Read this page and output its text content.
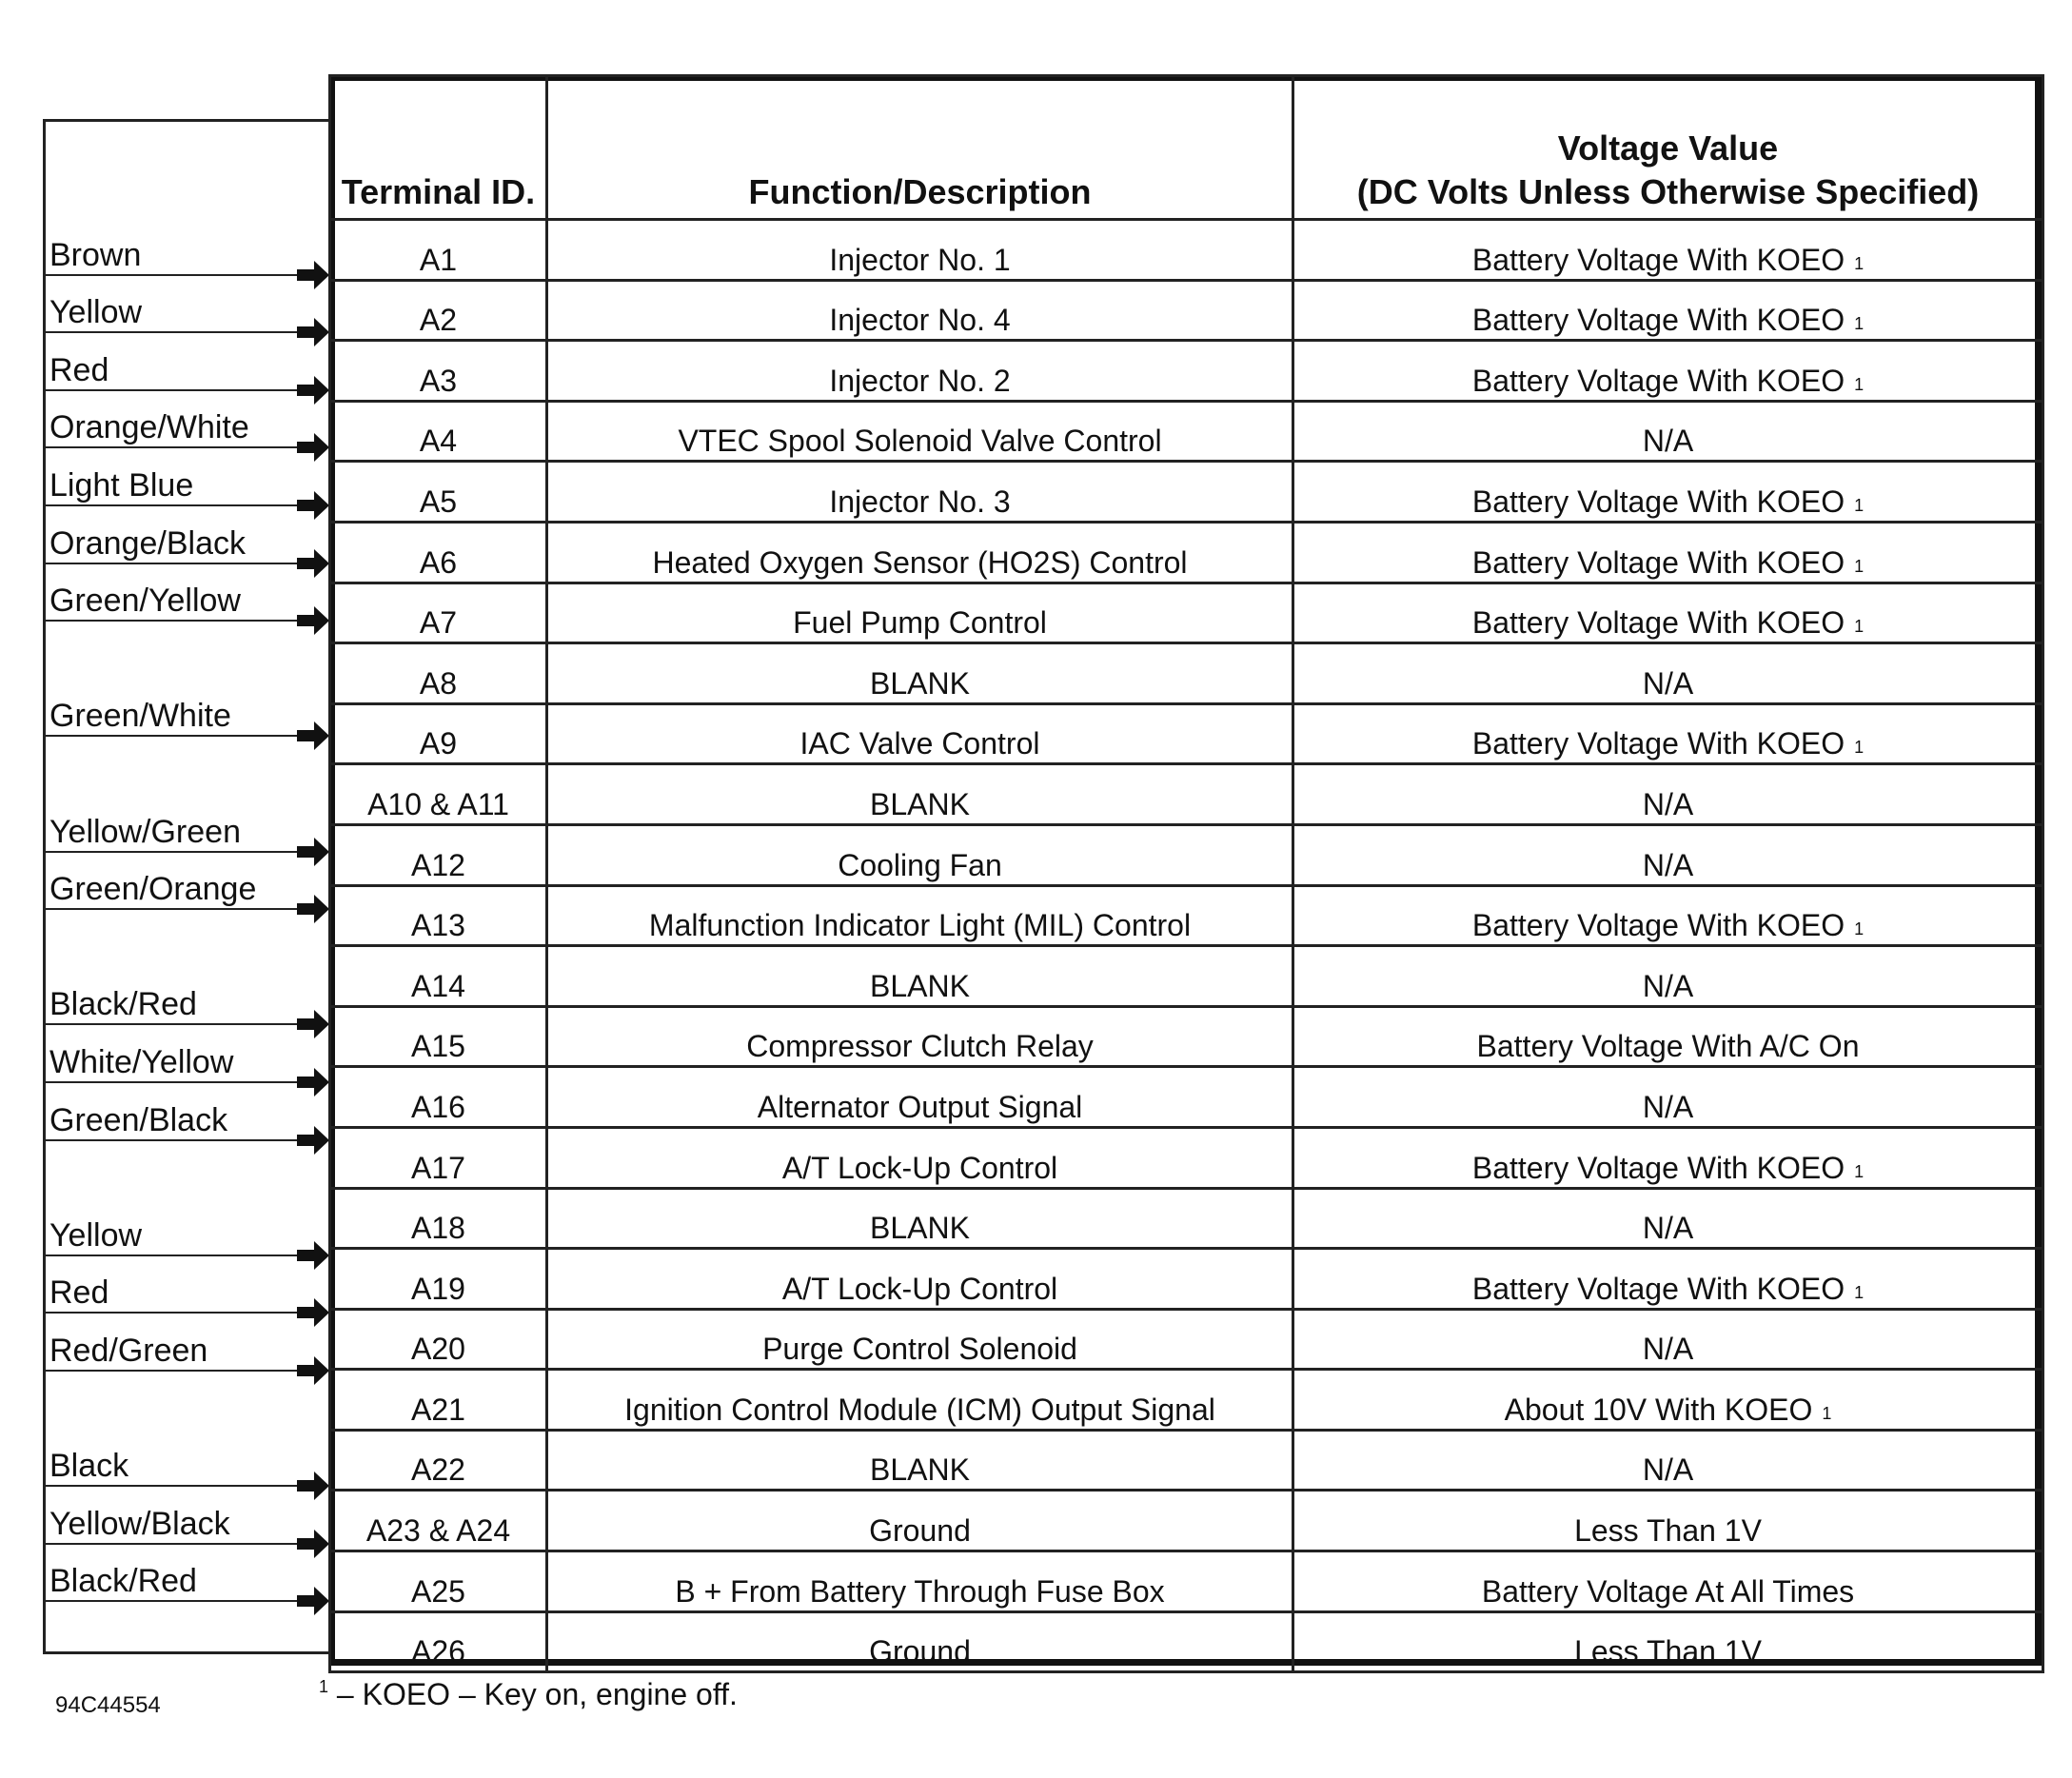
Brown
Yellow
Red
Orange/White
Light Blue
Orange/Black
Green/Yellow
Green/White
Yellow/Green
Green/Orange
Black/Red
White/Yellow
Green/Black
Yellow
Red
Red/Green
Black
Yellow/Black
Black/Red
Terminal ID.	Function/Description	Voltage Value
(DC Volts Unless Otherwise Specified)

A1	Injector No. 1	Battery Voltage With KOEO $^1$
A2	Injector No. 4	Battery Voltage With KOEO $^1$
A3	Injector No. 2	Battery Voltage With KOEO $^1$
A4	VTEC Spool Solenoid Valve Control	N/A
A5	Injector No. 3	Battery Voltage With KOEO $^1$
A6	Heated Oxygen Sensor (HO2S) Control	Battery Voltage With KOEO $^1$
A7	Fuel Pump Control	Battery Voltage With KOEO $^1$
A8	BLANK	N/A
A9	IAC Valve Control	Battery Voltage With KOEO $^1$
A10 & A11	BLANK	N/A
A12	Cooling Fan	N/A
A13	Malfunction Indicator Light (MIL) Control	Battery Voltage With KOEO $^1$
A14	BLANK	N/A
A15	Compressor Clutch Relay	Battery Voltage With A/C On
A16	Alternator Output Signal	N/A
A17	A/T Lock-Up Control	Battery Voltage With KOEO $^1$
A18	BLANK	N/A
A19	A/T Lock-Up Control	Battery Voltage With KOEO $^1$
A20	Purge Control Solenoid	N/A
A21	Ignition Control Module (ICM) Output Signal	About 10V With KOEO $^1$
A22	BLANK	N/A
A23 & A24	Ground	Less Than 1V
A25	B + From Battery Through Fuse Box	Battery Voltage At All Times
A26	Ground	Less Than 1V
$^1$ – KOEO – Key on, engine off.
94C44554
